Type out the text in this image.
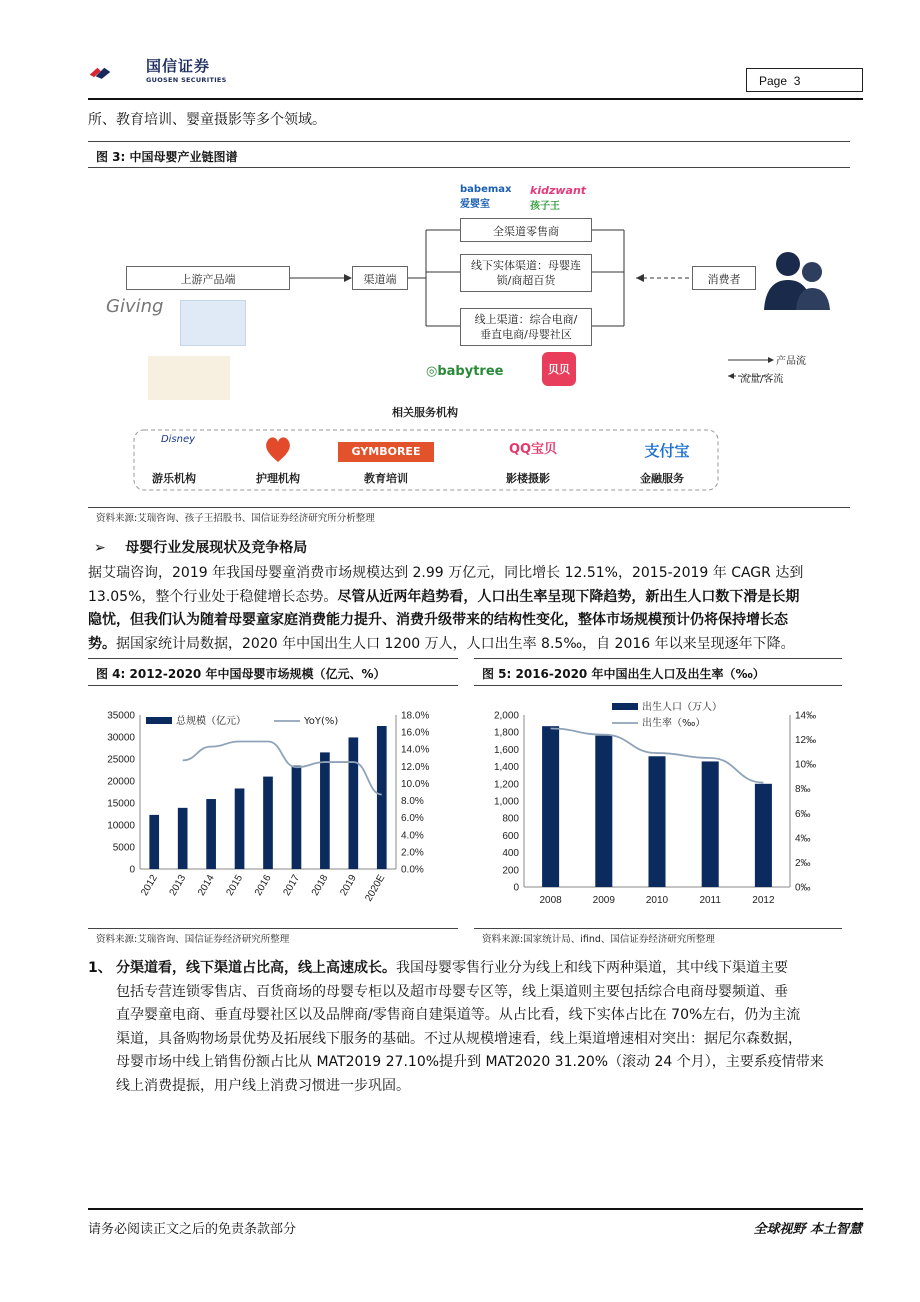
国信证券
GUOSEN SECURITIES	Page 3
所、教育培训、婴童摄影等多个领域。
图 3: 中国母婴产业链图谱
上游产品端	渠道端
全渠道零售商
线下实体渠道：母婴连锁/商超百货
线上渠道：综合电商/垂直电商/母婴社区
消费者
babemax
爱婴室
kidzwant
孩子王
Giving
◎babytree	贝贝
产品流
流量/客流
相关服务机构
Disney
游乐机构	护理机构
GYMBOREE
教育培训
QQ宝贝
影楼摄影
支付宝
金融服务
资料来源:艾瑞咨询、孩子王招股书、国信证券经济研究所分析整理
➢ 母婴行业发展现状及竞争格局
据艾瑞咨询，2019 年我国母婴童消费市场规模达到 2.99 万亿元，同比增长 12.51%，2015-2019 年 CAGR 达到
13.05%，整个行业处于稳健增长态势。尽管从近两年趋势看，人口出生率呈现下降趋势，新出生人口数下滑是长期
隐忧，但我们认为随着母婴童家庭消费能力提升、消费升级带来的结构性变化，整体市场规模预计仍将保持增长态
势。据国家统计局数据，2020 年中国出生人口 1200 万人，人口出生率 8.5‰，自 2016 年以来呈现逐年下降。
图 4: 2012-2020 年中国母婴市场规模（亿元、%）	图 5: 2016-2020 年中国出生人口及出生率（‰）
0
5000
10000
15000
20000
25000
30000
35000
0.0%
2.0%
4.0%
6.0%
8.0%
10.0%
12.0%
14.0%
16.0%
18.0%
2012 2013 2014 2015 2016 2017 2018 2019 2020E
总规模（亿元）	YoY(%)
0
200
400
600
800
1,000
1,200
1,400
1,600
1,800
2,000
0‰
2‰
4‰
6‰
8‰
10‰
12‰
14‰
2008	2009	2010	2011	2012
出生人口（万人）
出生率（‰）
资料来源:艾瑞咨询、国信证券经济研究所整理	资料来源:国家统计局、ifind、国信证券经济研究所整理
1、 分渠道看，线下渠道占比高，线上高速成长。我国母婴零售行业分为线上和线下两种渠道，其中线下渠道主要
包括专营连锁零售店、百货商场的母婴专柜以及超市母婴专区等，线上渠道则主要包括综合电商母婴频道、垂
直孕婴童电商、垂直母婴社区以及品牌商/零售商自建渠道等。从占比看，线下实体占比在 70%左右，仍为主流
渠道，具备购物场景优势及拓展线下服务的基础。不过从规模增速看，线上渠道增速相对突出：据尼尔森数据，
母婴市场中线上销售份额占比从 MAT2019 27.10%提升到 MAT2020 31.20%（滚动 24 个月），主要系疫情带来
线上消费提振，用户线上消费习惯进一步巩固。
请务必阅读正文之后的免责条款部分	全球视野 本土智慧
